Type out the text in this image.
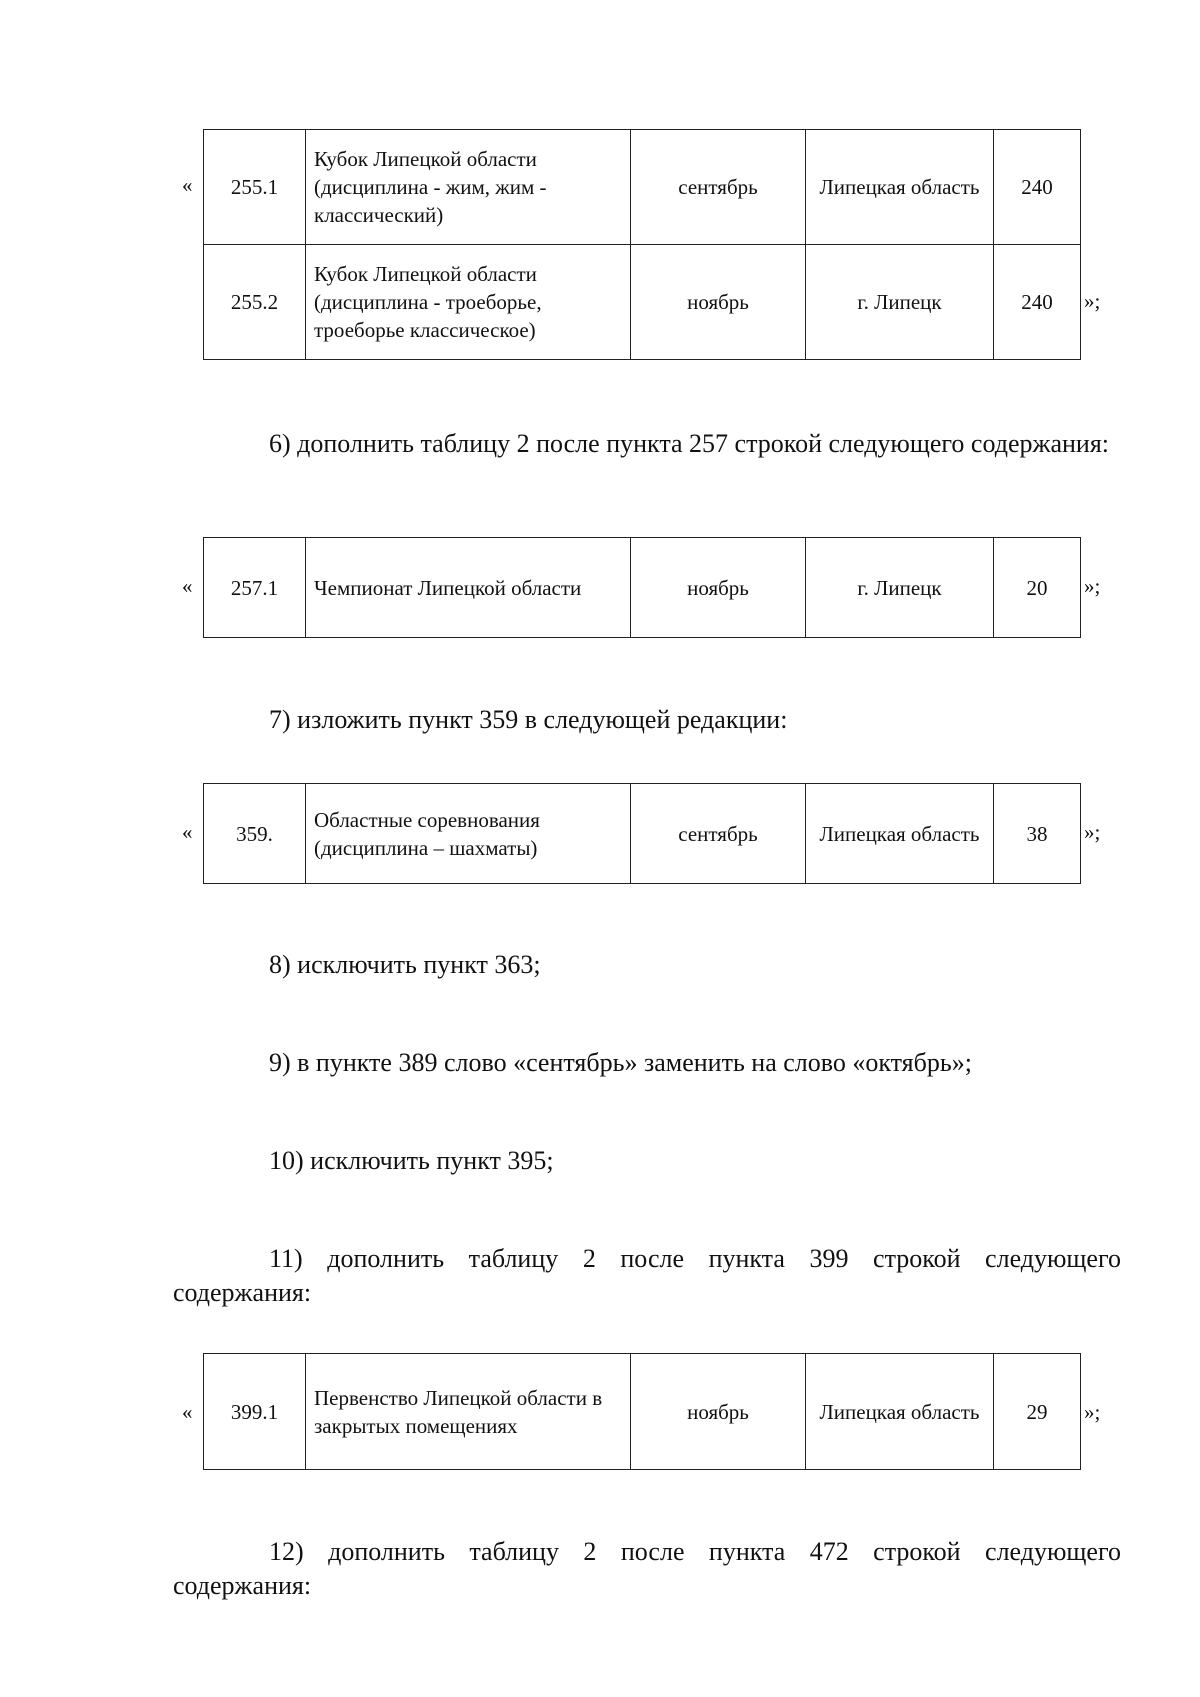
« 255.1	Кубок Липецкой области (дисциплина - жим, жим - классический)	сентябрь	Липецкая область	240
255.2	Кубок Липецкой области (дисциплина - троеборье, троеборье классическое)	ноябрь	г. Липецк	240 »;
6) дополнить таблицу 2 после пункта 257 строкой следующего содержания:
« 257.1	Чемпионат Липецкой области	ноябрь	г. Липецк	20 »;
7) изложить пункт 359 в следующей редакции:
« 359.	Областные соревнования (дисциплина – шахматы)	сентябрь	Липецкая область	38 »;
8) исключить пункт 363;
9) в пункте 389 слово «сентябрь» заменить на слово «октябрь»;
10) исключить пункт 395;
11) дополнить таблицу 2 после пункта 399 строкой следующего содержания:
« 399.1	Первенство Липецкой области в закрытых помещениях	ноябрь	Липецкая область	29 »;
12) дополнить таблицу 2 после пункта 472 строкой следующего содержания:
